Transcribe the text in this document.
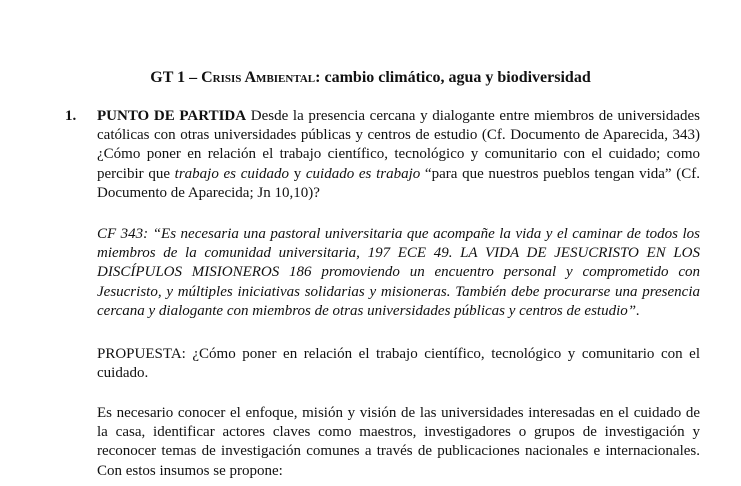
GT 1 – Crisis Ambiental: cambio climático, agua y biodiversidad
1. PUNTO DE PARTIDA Desde la presencia cercana y dialogante entre miembros de universidades católicas con otras universidades públicas y centros de estudio (Cf. Documento de Aparecida, 343) ¿Cómo poner en relación el trabajo científico, tecnológico y comunitario con el cuidado; como percibir que trabajo es cuidado y cuidado es trabajo “para que nuestros pueblos tengan vida” (Cf. Documento de Aparecida; Jn 10,10)?

CF 343: “Es necesaria una pastoral universitaria que acompañe la vida y el caminar de todos los miembros de la comunidad universitaria, 197 ECE 49. LA VIDA DE JESUCRISTO EN LOS DISCÍPULOS MISIONEROS 186 promoviendo un encuentro personal y comprometido con Jesucristo, y múltiples iniciativas solidarias y misioneras. También debe procurarse una presencia cercana y dialogante con miembros de otras universidades públicas y centros de estudio”.

PROPUESTA: ¿Cómo poner en relación el trabajo científico, tecnológico y comunitario con el cuidado.

Es necesario conocer el enfoque, misión y visión de las universidades interesadas en el cuidado de la casa, identificar actores claves como maestros, investigadores o grupos de investigación y reconocer temas de investigación comunes a través de publicaciones nacionales e internacionales. Con estos insumos se propone:
